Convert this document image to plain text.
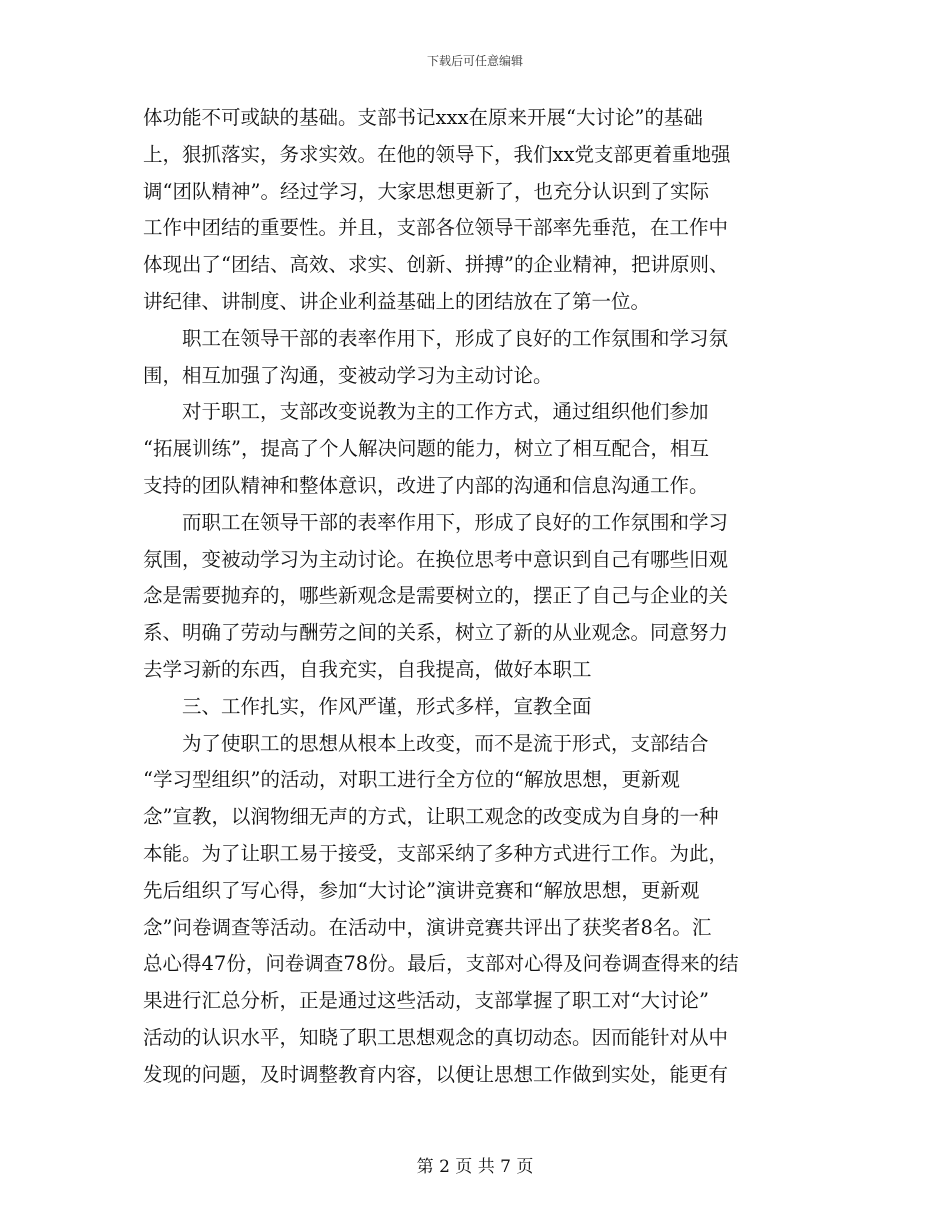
下载后可任意编辑
体功能不可或缺的基础。支部书记xxx在原来开展“大讨论”的基础
上，狠抓落实，务求实效。在他的领导下，我们xx党支部更着重地强
调“团队精神”。经过学习，大家思想更新了，也充分认识到了实际
工作中团结的重要性。并且，支部各位领导干部率先垂范，在工作中
体现出了“团结、高效、求实、创新、拼搏”的企业精神，把讲原则、
讲纪律、讲制度、讲企业利益基础上的团结放在了第一位。
　　职工在领导干部的表率作用下，形成了良好的工作氛围和学习氛
围，相互加强了沟通，变被动学习为主动讨论。
　　对于职工，支部改变说教为主的工作方式，通过组织他们参加
“拓展训练”，提高了个人解决问题的能力，树立了相互配合，相互
支持的团队精神和整体意识，改进了内部的沟通和信息沟通工作。
　　而职工在领导干部的表率作用下，形成了良好的工作氛围和学习
氛围，变被动学习为主动讨论。在换位思考中意识到自己有哪些旧观
念是需要抛弃的，哪些新观念是需要树立的，摆正了自己与企业的关
系、明确了劳动与酬劳之间的关系，树立了新的从业观念。同意努力
去学习新的东西，自我充实，自我提高，做好本职工
　　三、工作扎实，作风严谨，形式多样，宣教全面
　　为了使职工的思想从根本上改变，而不是流于形式，支部结合
“学习型组织”的活动，对职工进行全方位的“解放思想，更新观
念”宣教，以润物细无声的方式，让职工观念的改变成为自身的一种
本能。为了让职工易于接受，支部采纳了多种方式进行工作。为此，
先后组织了写心得，参加“大讨论”演讲竞赛和“解放思想，更新观
念”问卷调查等活动。在活动中，演讲竞赛共评出了获奖者8名。汇
总心得47份，问卷调查78份。最后，支部对心得及问卷调查得来的结
果进行汇总分析，正是通过这些活动，支部掌握了职工对“大讨论”
活动的认识水平，知晓了职工思想观念的真切动态。因而能针对从中
发现的问题，及时调整教育内容，以便让思想工作做到实处，能更有
第 2 页 共 7 页
